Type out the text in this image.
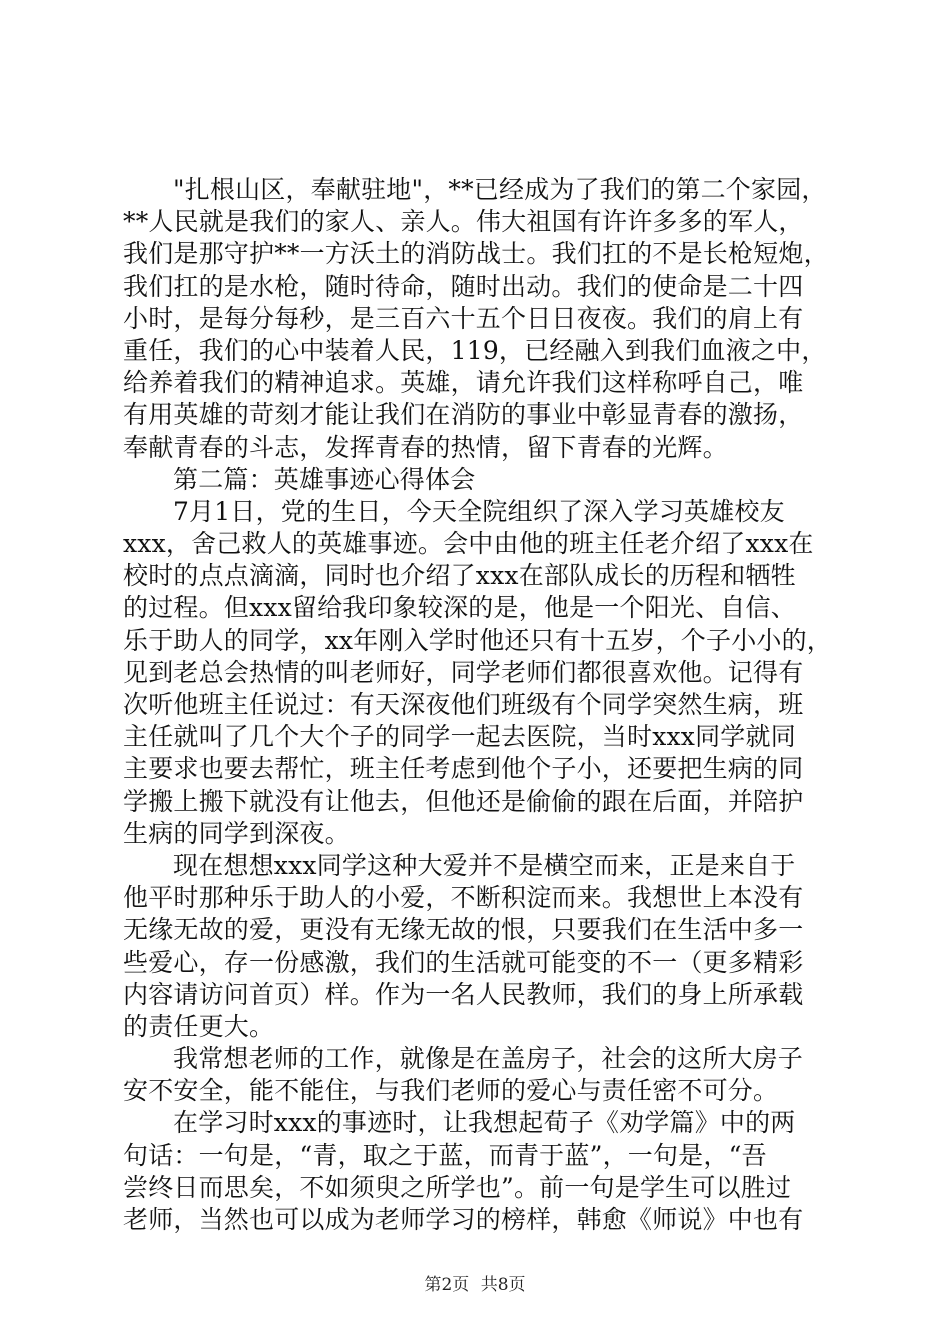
"扎根山区，奉献驻地"，**已经成为了我们的第二个家园，
**人民就是我们的家人、亲人。伟大祖国有许许多多的军人，
我们是那守护**一方沃土的消防战士。我们扛的不是长枪短炮，
我们扛的是水枪，随时待命，随时出动。我们的使命是二十四
小时，是每分每秒，是三百六十五个日日夜夜。我们的肩上有
重任，我们的心中装着人民，119，已经融入到我们血液之中，
给养着我们的精神追求。英雄，请允许我们这样称呼自己，唯
有用英雄的苛刻才能让我们在消防的事业中彰显青春的激扬，
奉献青春的斗志，发挥青春的热情，留下青春的光辉。
第二篇：英雄事迹心得体会
7月1日，党的生日，今天全院组织了深入学习英雄校友
xxx，舍己救人的英雄事迹。会中由他的班主任老介绍了xxx在
校时的点点滴滴，同时也介绍了xxx在部队成长的历程和牺牲
的过程。但xxx留给我印象较深的是，他是一个阳光、自信、
乐于助人的同学，xx年刚入学时他还只有十五岁，个子小小的，
见到老总会热情的叫老师好，同学老师们都很喜欢他。记得有
次听他班主任说过：有天深夜他们班级有个同学突然生病，班
主任就叫了几个大个子的同学一起去医院，当时xxx同学就同
主要求也要去帮忙，班主任考虑到他个子小，还要把生病的同
学搬上搬下就没有让他去，但他还是偷偷的跟在后面，并陪护
生病的同学到深夜。
现在想想xxx同学这种大爱并不是横空而来，正是来自于
他平时那种乐于助人的小爱，不断积淀而来。我想世上本没有
无缘无故的爱，更没有无缘无故的恨，只要我们在生活中多一
些爱心，存一份感激，我们的生活就可能变的不一（更多精彩
内容请访问首页）样。作为一名人民教师，我们的身上所承载
的责任更大。
我常想老师的工作，就像是在盖房子，社会的这所大房子
安不安全，能不能住，与我们老师的爱心与责任密不可分。
在学习时xxx的事迹时，让我想起荀子《劝学篇》中的两
句话：一句是，“青，取之于蓝，而青于蓝”，一句是，“吾
尝终日而思矣，不如须臾之所学也”。前一句是学生可以胜过
老师，当然也可以成为老师学习的榜样，韩愈《师说》中也有
第2页 共8页
